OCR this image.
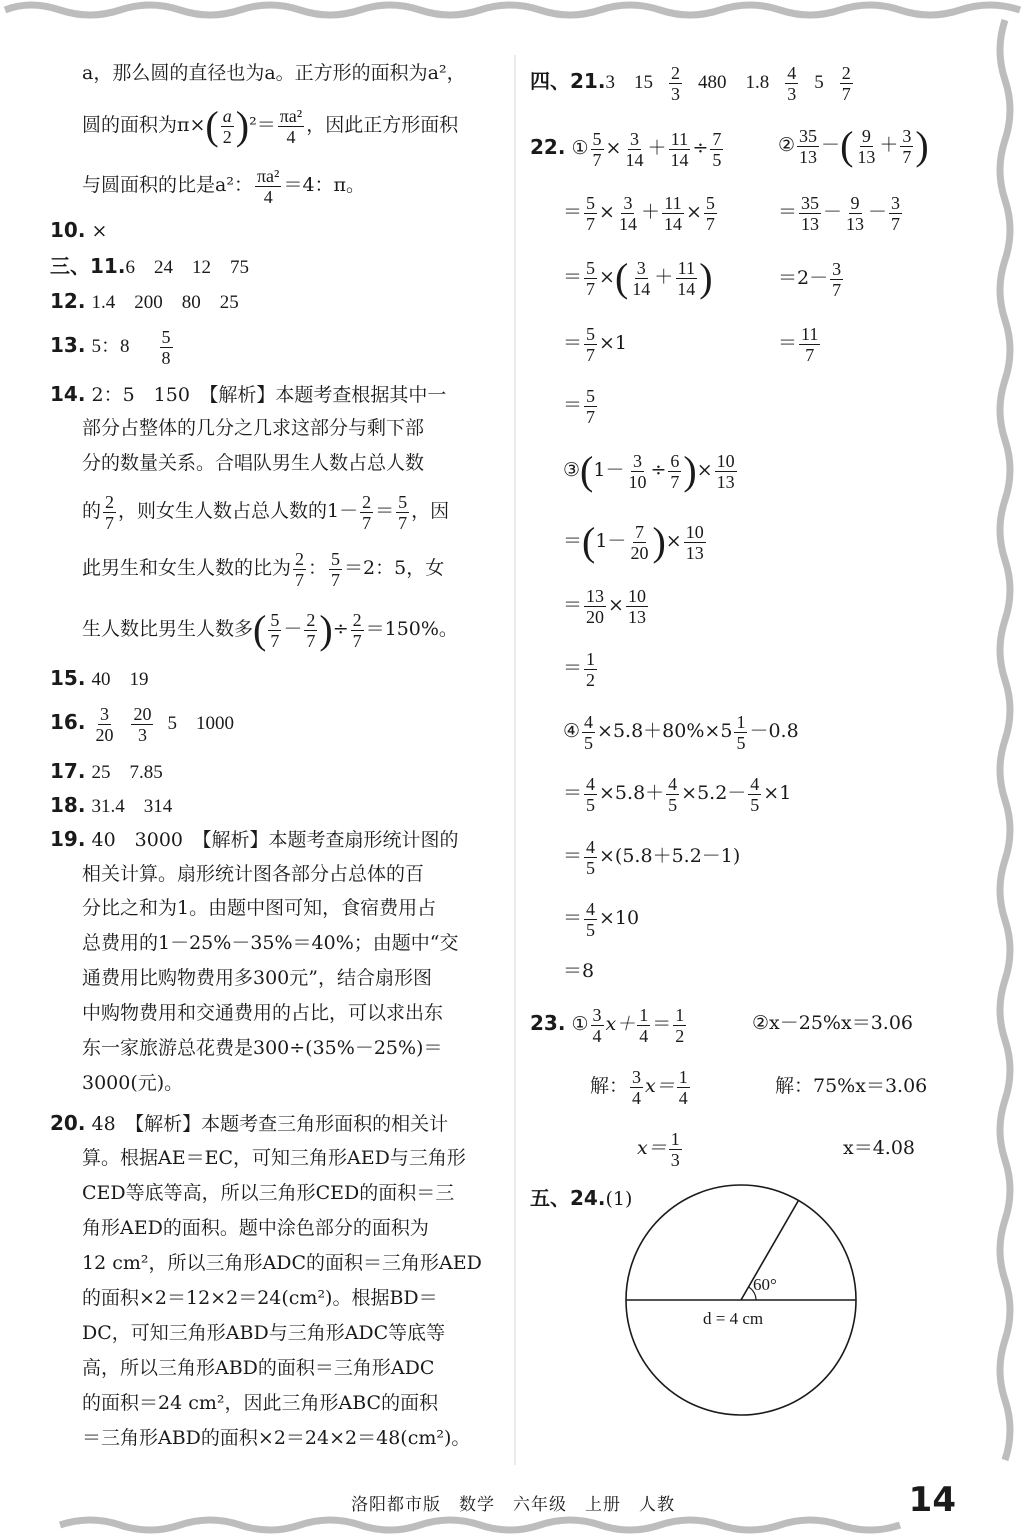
a，那么圆的直径也为a。正方形的面积为a²，
圆的面积为$\pi\times( \frac{a}{2} )^2= \frac{\text{πa²}}{4}$ ，因此正方形面积
与圆面积的比是a²： $\frac{\text{πa²}}{4} =4$：π。
10. ×
三、11.6　24　12　75
12. 1.4　200　80　25
13. 5：$8 \frac{5}{8}$
14. 2：5　150　【解析】本题考查根据其中一
部分占整体的几分之几求这部分与剩下部
分的数量关系。合唱队男生人数占总人数
的 $\frac{2}{7}$ ，则女生人数占总人数的$1- \frac{2}{7} = \frac{5}{7}$ ，因
此男生和女生人数的比为 $\frac{2}{7}$ ： $\frac{5}{7} =2$：5，女
生人数比男生人数多( $\frac{5}{7} - \frac{2}{7}$ )÷ $\frac{2}{7} =150\%$。
15. 40　19
16. $\frac{3}{20} \frac{20}{3} 5$　1000
17. 25　7.85
18. 31.4　314
19. 40　3000　【解析】本题考查扇形统计图的
相关计算。扇形统计图各部分占总体的百
分比之和为1。由题中图可知，食宿费用占
总费用的1－25%－35%＝40%；由题中“交
通费用比购物费用多300元”，结合扇形图
中购物费用和交通费用的占比，可以求出东
东一家旅游总花费是300÷(35%－25%)＝
3000(元)。
20. 48　【解析】本题考查三角形面积的相关计
算。根据AE＝EC，可知三角形AED与三角形
CED等底等高，所以三角形CED的面积＝三
角形AED的面积。题中涂色部分的面积为
12 cm²，所以三角形ADC的面积＝三角形AED
的面积×2＝12×2＝24(cm²)。根据BD＝
DC，可知三角形ABD与三角形ADC等底等
高，所以三角形ABD的面积＝三角形ADC
的面积＝24 cm²，因此三角形ABC的面积
＝三角形ABD的面积×2＝24×2＝48(cm²)。
四、21.3　$15 \frac{2}{3} 480$　$1.8 \frac{4}{3} 5 \frac{2}{7}$
22. ① $\frac{5}{7} \times \frac{3}{14} + \frac{11}{14} \div \frac{7}{5}$
＝ $\frac{5}{7} \times \frac{3}{14} + \frac{11}{14} \times \frac{5}{7}$
＝ $\frac{5}{7}$ ×( $\frac{3}{14} + \frac{11}{14}$ )
＝ $\frac{5}{7} \times 1$
＝ $\frac{5}{7}$
② $\frac{35}{13}$ －( $\frac{9}{13} + \frac{3}{7}$ )
＝ $\frac{35}{13} - \frac{9}{13} - \frac{3}{7}$
$=2- \frac{3}{7}$
＝ $\frac{11}{7}$
③(1－ $\frac{3}{10} \div \frac{6}{7}$ )× $\frac{10}{13}$
$=(1- \frac{7}{20}$ )× $\frac{10}{13}$
＝ $\frac{13}{20} \times \frac{10}{13}$
＝ $\frac{1}{2}$
④ $\frac{4}{5} \times 5.8+80\%\times 5 \frac{1}{5} -0.8$
＝ $\frac{4}{5} \times 5.8+ \frac{4}{5} \times 5.2- \frac{4}{5} \times 1$
＝ $\frac{4}{5} \times(5.8+5.2-1)$
＝ $\frac{4}{5} \times 10$
＝8
23. ① $\frac{3}{4} x+ \frac{1}{4} = \frac{1}{2}$
解： $\frac{3}{4} x= \frac{1}{4}$
$x= \frac{1}{3}$
②x－25%x＝3.06
解：75%x＝3.06
x＝4.08
五、24.(1)
60°
d = 4 cm
洛阳都市版　数学　六年级　上册　人教	14
